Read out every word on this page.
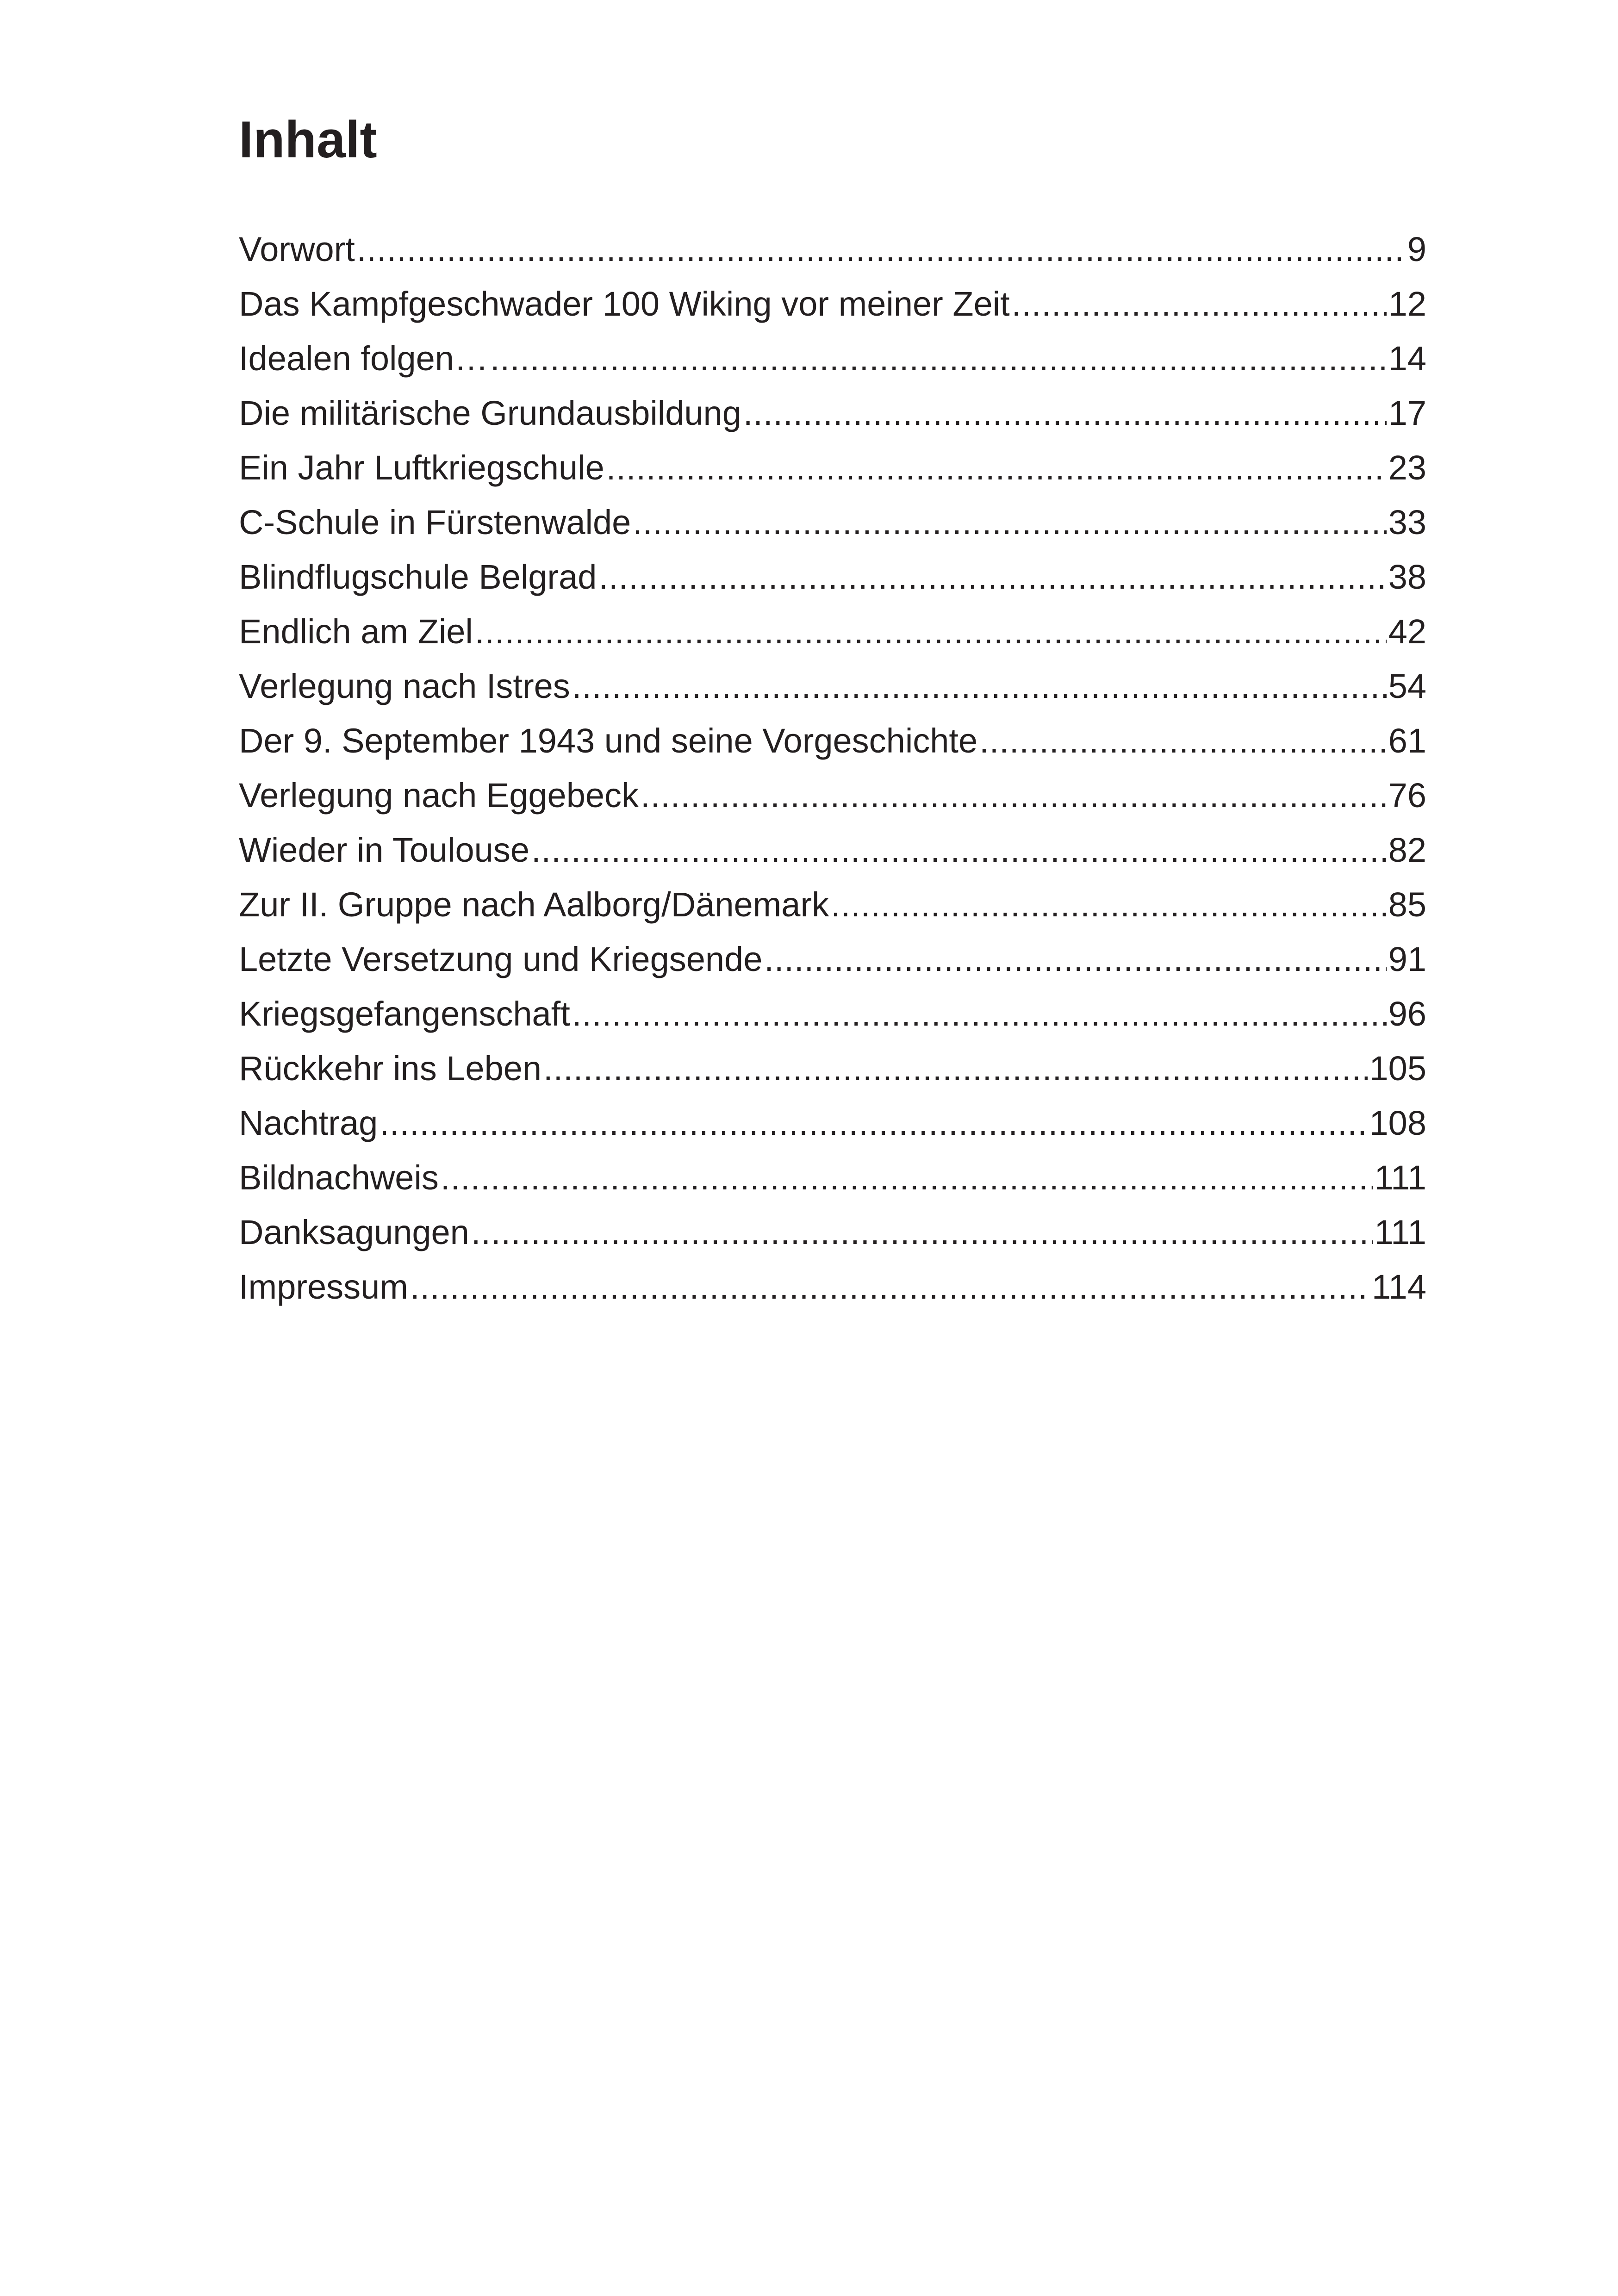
Inhalt
Vorwort .....	9
Das Kampfgeschwader 100 Wiking vor meiner Zeit .....	12
Idealen folgen… .....	14
Die militärische Grundausbildung .....	17
Ein Jahr Luftkriegschule .....	23
C-Schule in Fürstenwalde .....	33
Blindflugschule Belgrad .....	38
Endlich am Ziel .....	42
Verlegung nach Istres .....	54
Der 9. September 1943 und seine Vorgeschichte .....	61
Verlegung nach Eggebeck .....	76
Wieder in Toulouse .....	82
Zur II. Gruppe nach Aalborg/Dänemark .....	85
Letzte Versetzung und Kriegsende .....	91
Kriegsgefangenschaft .....	96
Rückkehr ins Leben .....	105
Nachtrag .....	108
Bildnachweis .....	111
Danksagungen .....	111
Impressum .....	114
